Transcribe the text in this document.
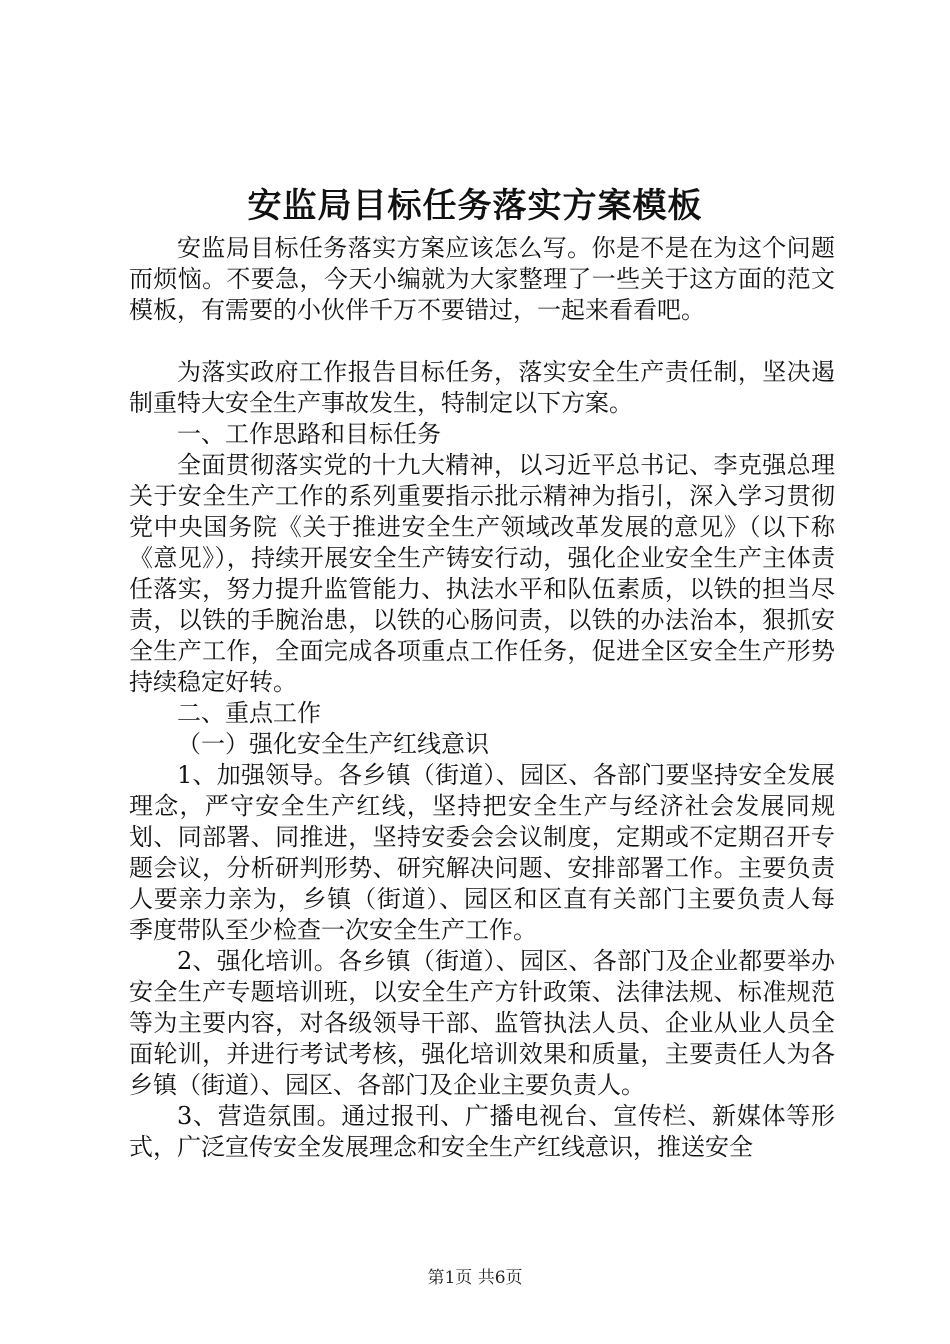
安监局目标任务落实方案模板

安监局目标任务落实方案应该怎么写。你是不是在为这个问题而烦恼。不要急，今天小编就为大家整理了一些关于这方面的范文模板，有需要的小伙伴千万不要错过，一起来看看吧。

为落实政府工作报告目标任务，落实安全生产责任制，坚决遏制重特大安全生产事故发生，特制定以下方案。

一、工作思路和目标任务

全面贯彻落实党的十九大精神，以习近平总书记、李克强总理关于安全生产工作的系列重要指示批示精神为指引，深入学习贯彻党中央国务院《关于推进安全生产领域改革发展的意见》（以下称《意见》），持续开展安全生产铸安行动，强化企业安全生产主体责任落实，努力提升监管能力、执法水平和队伍素质，以铁的担当尽责，以铁的手腕治患，以铁的心肠问责，以铁的办法治本，狠抓安全生产工作，全面完成各项重点工作任务，促进全区安全生产形势持续稳定好转。

二、重点工作

（一）强化安全生产红线意识

1、加强领导。各乡镇（街道）、园区、各部门要坚持安全发展理念，严守安全生产红线，坚持把安全生产与经济社会发展同规划、同部署、同推进，坚持安委会会议制度，定期或不定期召开专题会议，分析研判形势、研究解决问题、安排部署工作。主要负责人要亲力亲为，乡镇（街道）、园区和区直有关部门主要负责人每季度带队至少检查一次安全生产工作。

2、强化培训。各乡镇（街道）、园区、各部门及企业都要举办安全生产专题培训班，以安全生产方针政策、法律法规、标准规范等为主要内容，对各级领导干部、监管执法人员、企业从业人员全面轮训，并进行考试考核，强化培训效果和质量，主要责任人为各乡镇（街道）、园区、各部门及企业主要负责人。

3、营造氛围。通过报刊、广播电视台、宣传栏、新媒体等形式，广泛宣传安全发展理念和安全生产红线意识，推送安全

第1页 共6页
